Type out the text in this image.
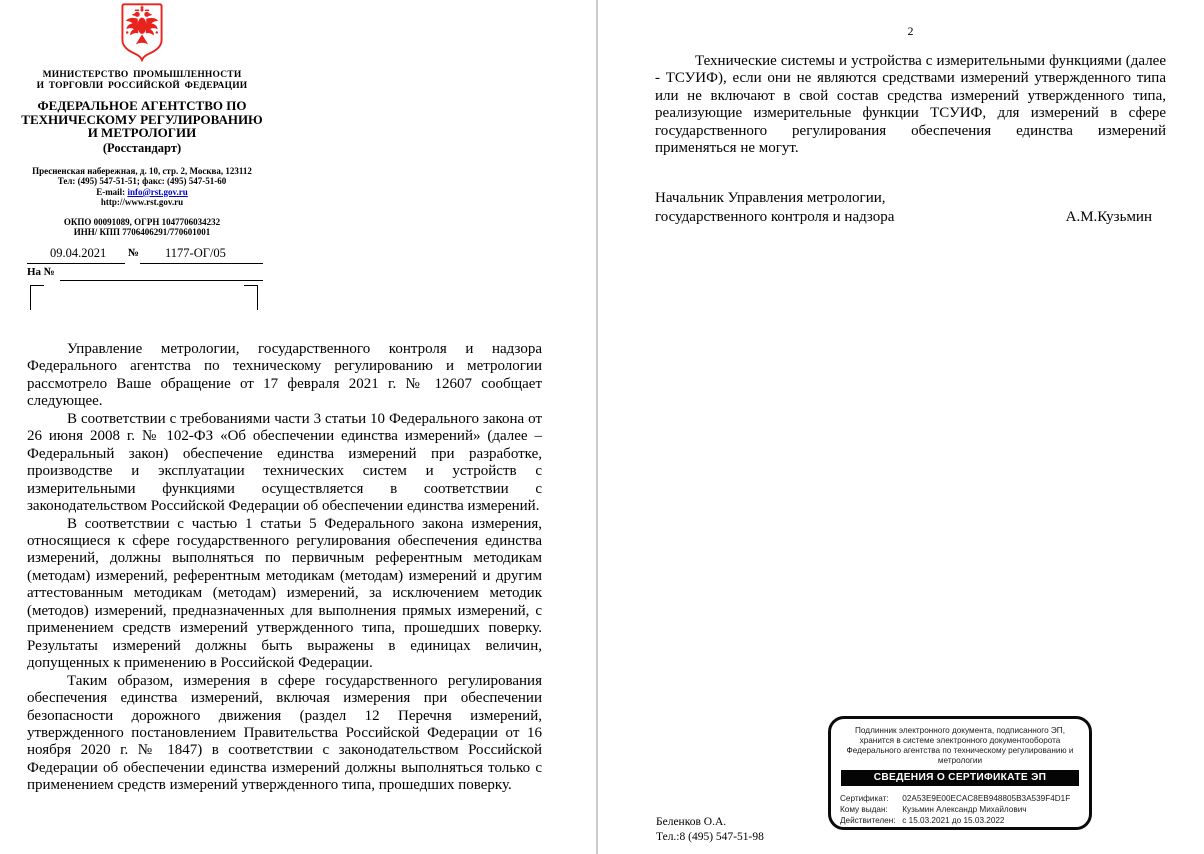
МИНИСТЕРСТВО ПРОМЫШЛЕННОСТИ
И ТОРГОВЛИ РОССИЙСКОЙ ФЕДЕРАЦИИ
ФЕДЕРАЛЬНОЕ АГЕНТСТВО ПО ТЕХНИЧЕСКОМУ РЕГУЛИРОВАНИЮ И МЕТРОЛОГИИ
(Росстандарт)
Пресненская набережная, д. 10, стр. 2, Москва, 123112
Тел: (495) 547-51-51; факс: (495) 547-51-60
E-mail: info@rst.gov.ru
http://www.rst.gov.ru
ОКПО 00091089, ОГРН 1047706034232
ИНН/ КПП 7706406291/770601001
09.04.2021 № 1177-ОГ/05
На №

Управление метрологии, государственного контроля и надзора Федерального агентства по техническому регулированию и метрологии рассмотрело Ваше обращение от 17 февраля 2021 г. № 12607 сообщает следующее.

В соответствии с требованиями части 3 статьи 10 Федерального закона от 26 июня 2008 г. № 102-ФЗ «Об обеспечении единства измерений» (далее – Федеральный закон) обеспечение единства измерений при разработке, производстве и эксплуатации технических систем и устройств с измерительными функциями осуществляется в соответствии с законодательством Российской Федерации об обеспечении единства измерений.

В соответствии с частью 1 статьи 5 Федерального закона измерения, относящиеся к сфере государственного регулирования обеспечения единства измерений, должны выполняться по первичным референтным методикам (методам) измерений, референтным методикам (методам) измерений и другим аттестованным методикам (методам) измерений, за исключением методик (методов) измерений, предназначенных для выполнения прямых измерений, с применением средств измерений утвержденного типа, прошедших поверку. Результаты измерений должны быть выражены в единицах величин, допущенных к применению в Российской Федерации.

Таким образом, измерения в сфере государственного регулирования обеспечения единства измерений, включая измерения при обеспечении безопасности дорожного движения (раздел 12 Перечня измерений, утвержденного постановлением Правительства Российской Федерации от 16 ноября 2020 г. № 1847) в соответствии с законодательством Российской Федерации об обеспечении единства измерений должны выполняться только с применением средств измерений утвержденного типа, прошедших поверку.

2

Технические системы и устройства с измерительными функциями (далее - ТСУИФ), если они не являются средствами измерений утвержденного типа или не включают в свой состав средства измерений утвержденного типа, реализующие измерительные функции ТСУИФ, для измерений в сфере государственного регулирования обеспечения единства измерений применяться не могут.

Начальник Управления метрологии,
государственного контроля и надзора	А.М.Кузьмин
Подлинник электронного документа, подписанного ЭП,
хранится в системе электронного документооборота
Федерального агентства по техническому регулированию и
метрологии
СВЕДЕНИЯ О СЕРТИФИКАТЕ ЭП
Сертификат: 02A53E9E00ECAC8EB948805B3A539F4D1F
Кому выдан: Кузьмин Александр Михайлович
Действителен: с 15.03.2021 до 15.03.2022
Беленков О.А.
Тел.:8 (495) 547-51-98
